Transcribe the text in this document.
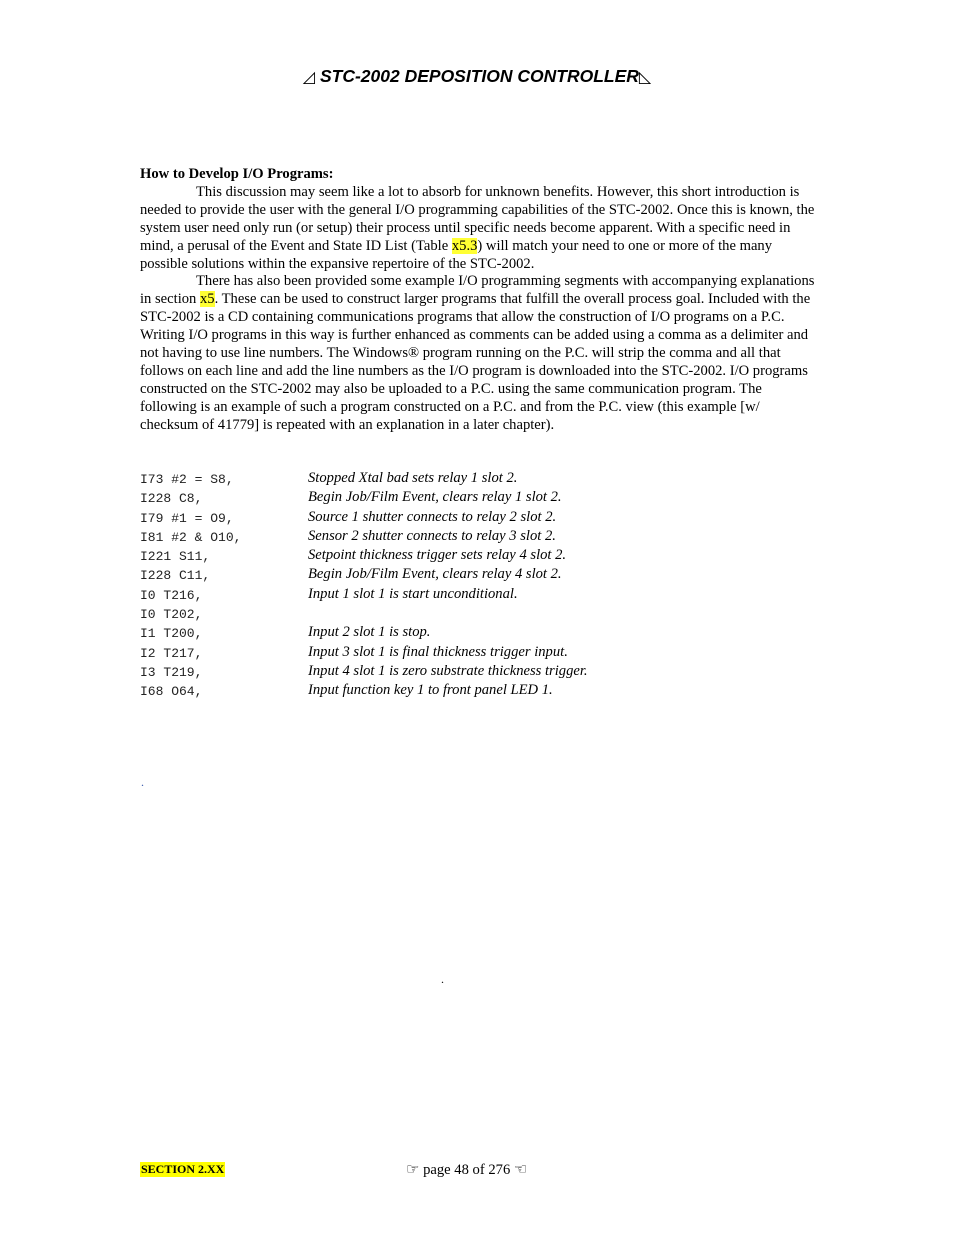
◿ STC-2002 DEPOSITION CONTROLLER◺
How to Develop I/O Programs:

This discussion may seem like a lot to absorb for unknown benefits. However, this short introduction is needed to provide the user with the general I/O programming capabilities of the STC-2002. Once this is known, the system user need only run (or setup) their process until specific needs become apparent. With a specific need in mind, a perusal of the Event and State ID List (Table x5.3) will match your need to one or more of the many possible solutions within the expansive repertoire of the STC-2002.

There has also been provided some example I/O programming segments with accompanying explanations in section x5. These can be used to construct larger programs that fulfill the overall process goal. Included with the STC-2002 is a CD containing communications programs that allow the construction of I/O programs on a P.C. Writing I/O programs in this way is further enhanced as comments can be added using a comma as a delimiter and not having to use line numbers. The Windows® program running on the P.C. will strip the comma and all that follows on each line and add the line numbers as the I/O program is downloaded into the STC-2002. I/O programs constructed on the STC-2002 may also be uploaded to a P.C. using the same communication program. The following is an example of such a program constructed on a P.C. and from the P.C. view (this example [w/ checksum of 41779] is repeated with an explanation in a later chapter).

I73 #2 = S8,	Stopped Xtal bad sets relay 1 slot 2.
I228 C8,	Begin Job/Film Event, clears relay 1 slot 2.
I79 #1 = O9,	Source 1 shutter connects to relay 2 slot 2.
I81 #2 & O10,	Sensor 2 shutter connects to relay 3 slot 2.
I221 S11,	Setpoint thickness trigger sets relay 4 slot 2.
I228 C11,	Begin Job/Film Event, clears relay 4 slot 2.
I0 T216,	Input 1 slot 1 is start unconditional.
I0 T202,
I1 T200,	Input 2 slot 1 is stop.
I2 T217,	Input 3 slot 1 is final thickness trigger input.
I3 T219,	Input 4 slot 1 is zero substrate thickness trigger.
I68 O64,	Input function key 1 to front panel LED 1.
.
.
SECTION 2.XX	☞ page 48 of 276 ☜
